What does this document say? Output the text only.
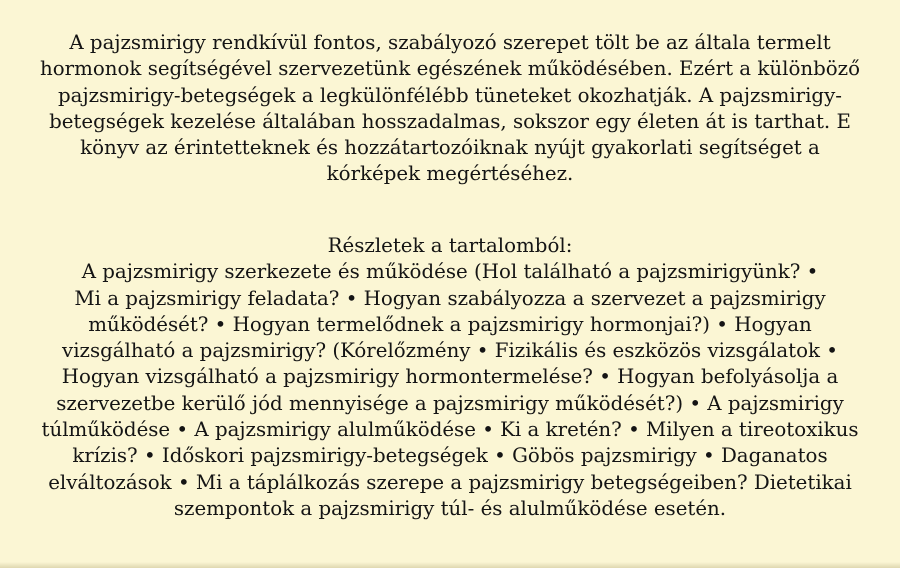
A pajzsmirigy rendkívül fontos, szabályozó szerepet tölt be az általa termelt
hormonok segítségével szervezetünk egészének működésében. Ezért a különböző
pajzsmirigy-betegségek a legkülönfélébb tüneteket okozhatják. A pajzsmirigy-
betegségek kezelése általában hosszadalmas, sokszor egy életen át is tarthat. E
könyv az érintetteknek és hozzátartozóiknak nyújt gyakorlati segítséget a
kórképek megértéséhez.
Részletek a tartalomból:
A pajzsmirigy szerkezete és működése (Hol található a pajzsmirigyünk? •
Mi a pajzsmirigy feladata? • Hogyan szabályozza a szervezet a pajzsmirigy
működését? • Hogyan termelődnek a pajzsmirigy hormonjai?) • Hogyan
vizsgálható a pajzsmirigy? (Kórelőzmény • Fizikális és eszközös vizsgálatok •
Hogyan vizsgálható a pajzsmirigy hormontermelése? • Hogyan befolyásolja a
szervezetbe kerülő jód mennyisége a pajzsmirigy működését?) • A pajzsmirigy
túlműködése • A pajzsmirigy alulműködése • Ki a kretén? • Milyen a tireotoxikus
krízis? • Időskori pajzsmirigy-betegségek • Göbös pajzsmirigy • Daganatos
elváltozások • Mi a táplálkozás szerepe a pajzsmirigy betegségeiben? Dietetikai
szempontok a pajzsmirigy túl- és alulműködése esetén.
